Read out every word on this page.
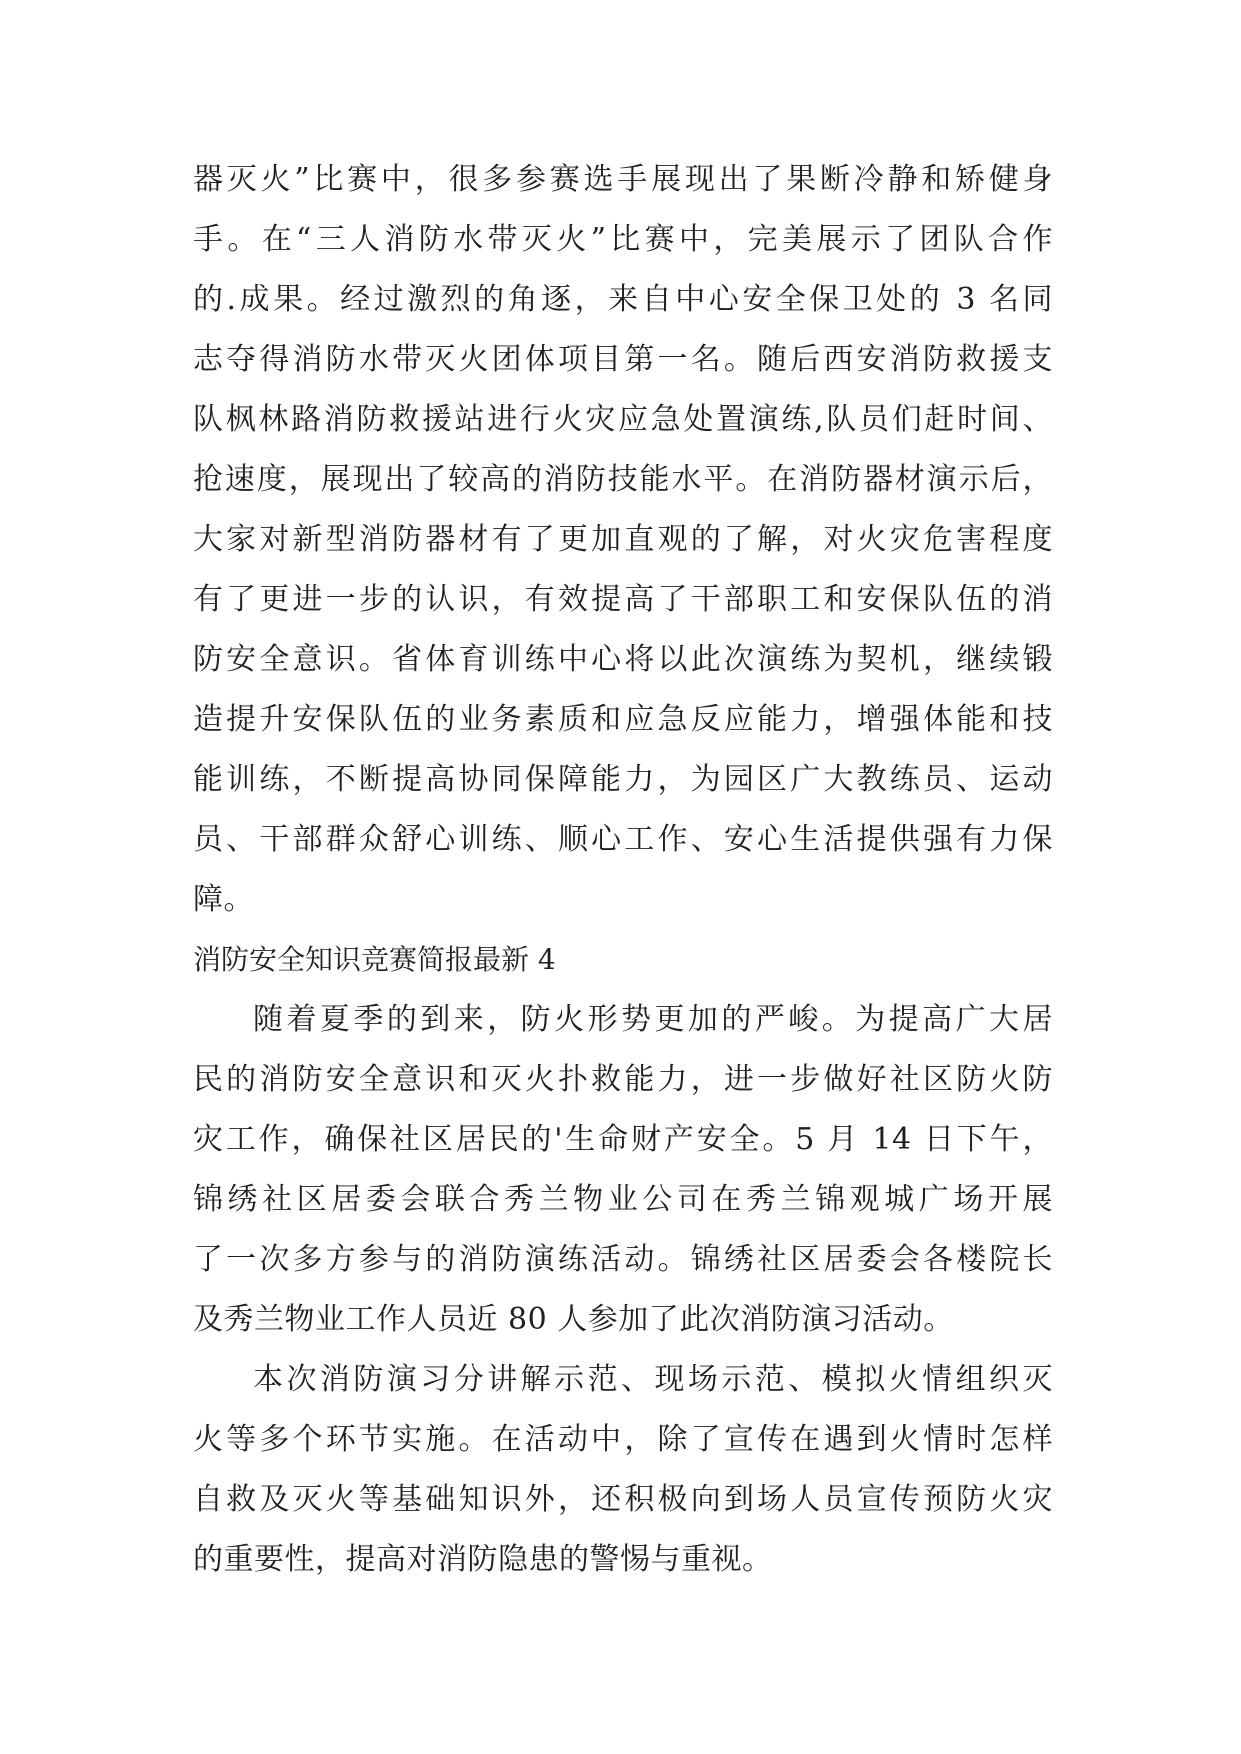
器灭火”比赛中，很多参赛选手展现出了果断冷静和矫健身
手。在“三人消防水带灭火”比赛中，完美展示了团队合作
的.成果。经过激烈的角逐，来自中心安全保卫处的 3 名同
志夺得消防水带灭火团体项目第一名。随后西安消防救援支
队枫林路消防救援站进行火灾应急处置演练,队员们赶时间、
抢速度，展现出了较高的消防技能水平。在消防器材演示后，
大家对新型消防器材有了更加直观的了解，对火灾危害程度
有了更进一步的认识，有效提高了干部职工和安保队伍的消
防安全意识。省体育训练中心将以此次演练为契机，继续锻
造提升安保队伍的业务素质和应急反应能力，增强体能和技
能训练，不断提高协同保障能力，为园区广大教练员、运动
员、干部群众舒心训练、顺心工作、安心生活提供强有力保
障。
消防安全知识竞赛简报最新 4
随着夏季的到来，防火形势更加的严峻。为提高广大居
民的消防安全意识和灭火扑救能力，进一步做好社区防火防
灾工作，确保社区居民的'生命财产安全。5 月 14 日下午，
锦绣社区居委会联合秀兰物业公司在秀兰锦观城广场开展
了一次多方参与的消防演练活动。锦绣社区居委会各楼院长
及秀兰物业工作人员近 80 人参加了此次消防演习活动。
本次消防演习分讲解示范、现场示范、模拟火情组织灭
火等多个环节实施。在活动中，除了宣传在遇到火情时怎样
自救及灭火等基础知识外，还积极向到场人员宣传预防火灾
的重要性，提高对消防隐患的警惕与重视。
